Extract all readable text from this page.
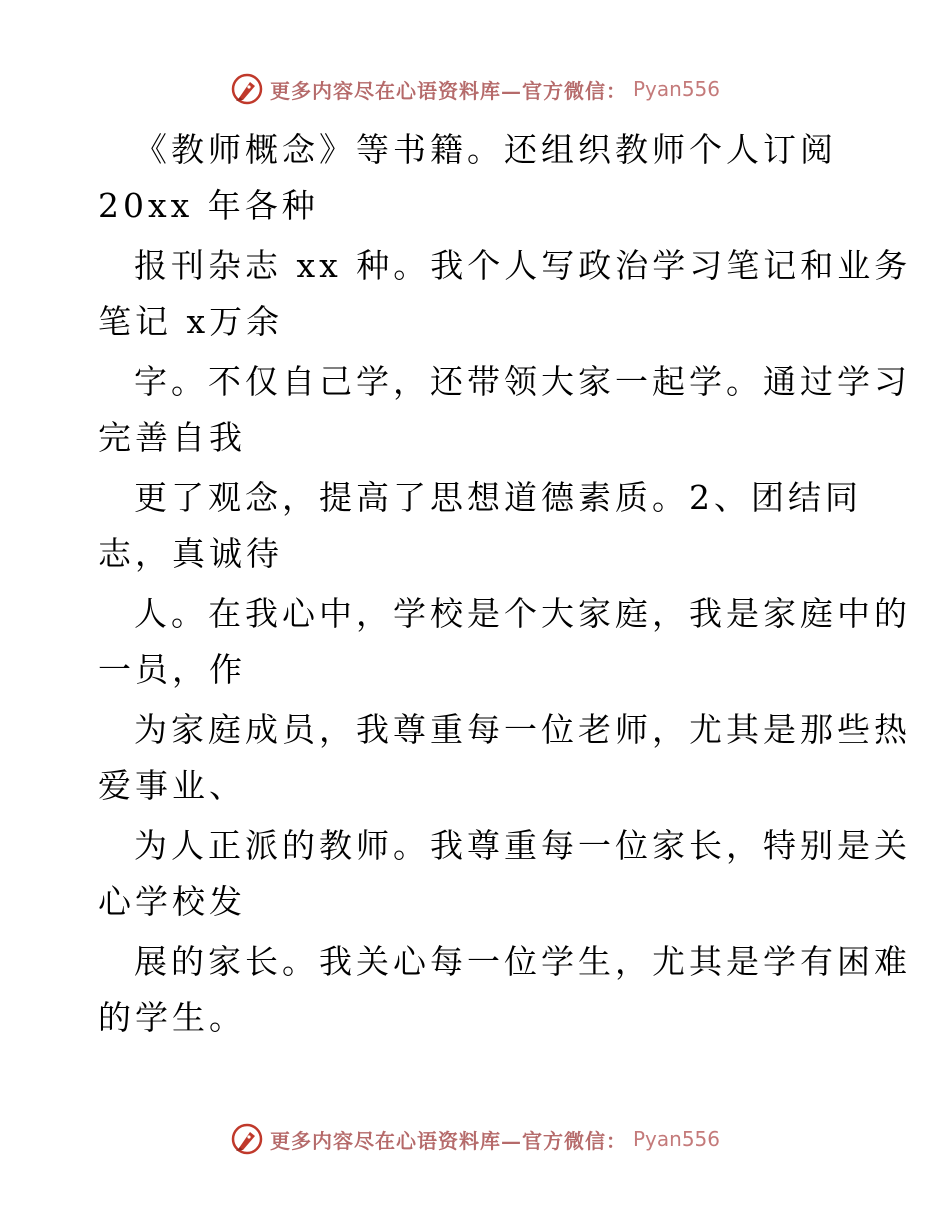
更多内容尽在心语资料库—官方微信： Pyan556
《教师概念》等书籍。还组织教师个人订阅
20xx 年各种
报刊杂志 xx 种。我个人写政治学习笔记和业务
笔记 x万余
字。不仅自己学，还带领大家一起学。通过学习
完善自我
更了观念，提高了思想道德素质。2、团结同
志，真诚待
人。在我心中，学校是个大家庭，我是家庭中的
一员，作
为家庭成员，我尊重每一位老师，尤其是那些热
爱事业、
为人正派的教师。我尊重每一位家长，特别是关
心学校发
展的家长。我关心每一位学生，尤其是学有困难
的学生。
更多内容尽在心语资料库—官方微信： Pyan556
